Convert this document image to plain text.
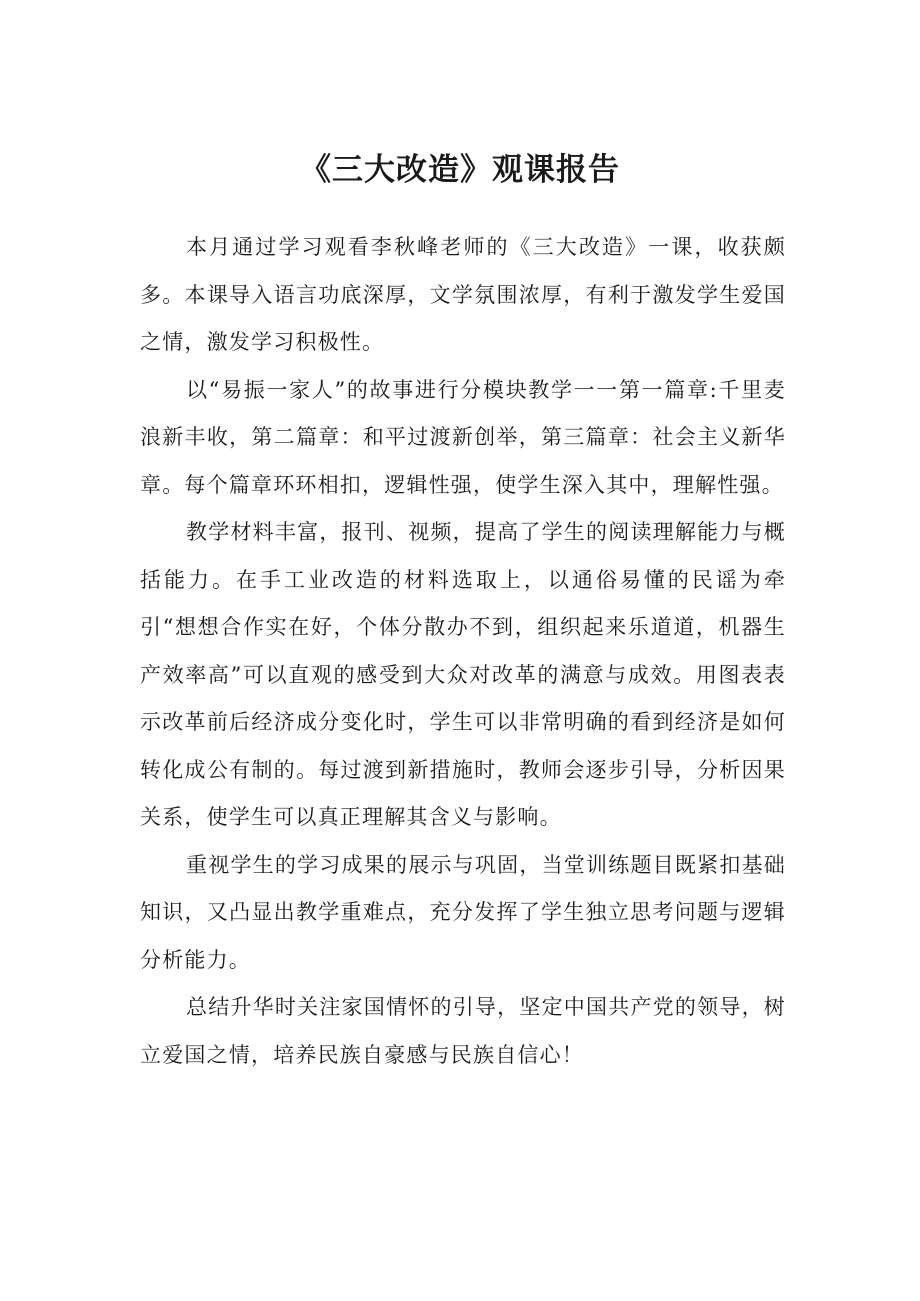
《三大改造》观课报告

本月通过学习观看李秋峰老师的《三大改造》一课，收获颇多。本课导入语言功底深厚，文学氛围浓厚，有利于激发学生爱国之情，激发学习积极性。

以“易振一家人”的故事进行分模块教学一一第一篇章:千里麦浪新丰收，第二篇章：和平过渡新创举，第三篇章：社会主义新华章。每个篇章环环相扣，逻辑性强，使学生深入其中，理解性强。

教学材料丰富，报刊、视频，提高了学生的阅读理解能力与概括能力。在手工业改造的材料选取上，以通俗易懂的民谣为牵引“想想合作实在好，个体分散办不到，组织起来乐道道，机器生产效率高”可以直观的感受到大众对改革的满意与成效。用图表表示改革前后经济成分变化时，学生可以非常明确的看到经济是如何转化成公有制的。每过渡到新措施时，教师会逐步引导，分析因果关系，使学生可以真正理解其含义与影响。

重视学生的学习成果的展示与巩固，当堂训练题目既紧扣基础知识，又凸显出教学重难点，充分发挥了学生独立思考问题与逻辑分析能力。

总结升华时关注家国情怀的引导，坚定中国共产党的领导，树立爱国之情，培养民族自豪感与民族自信心！
